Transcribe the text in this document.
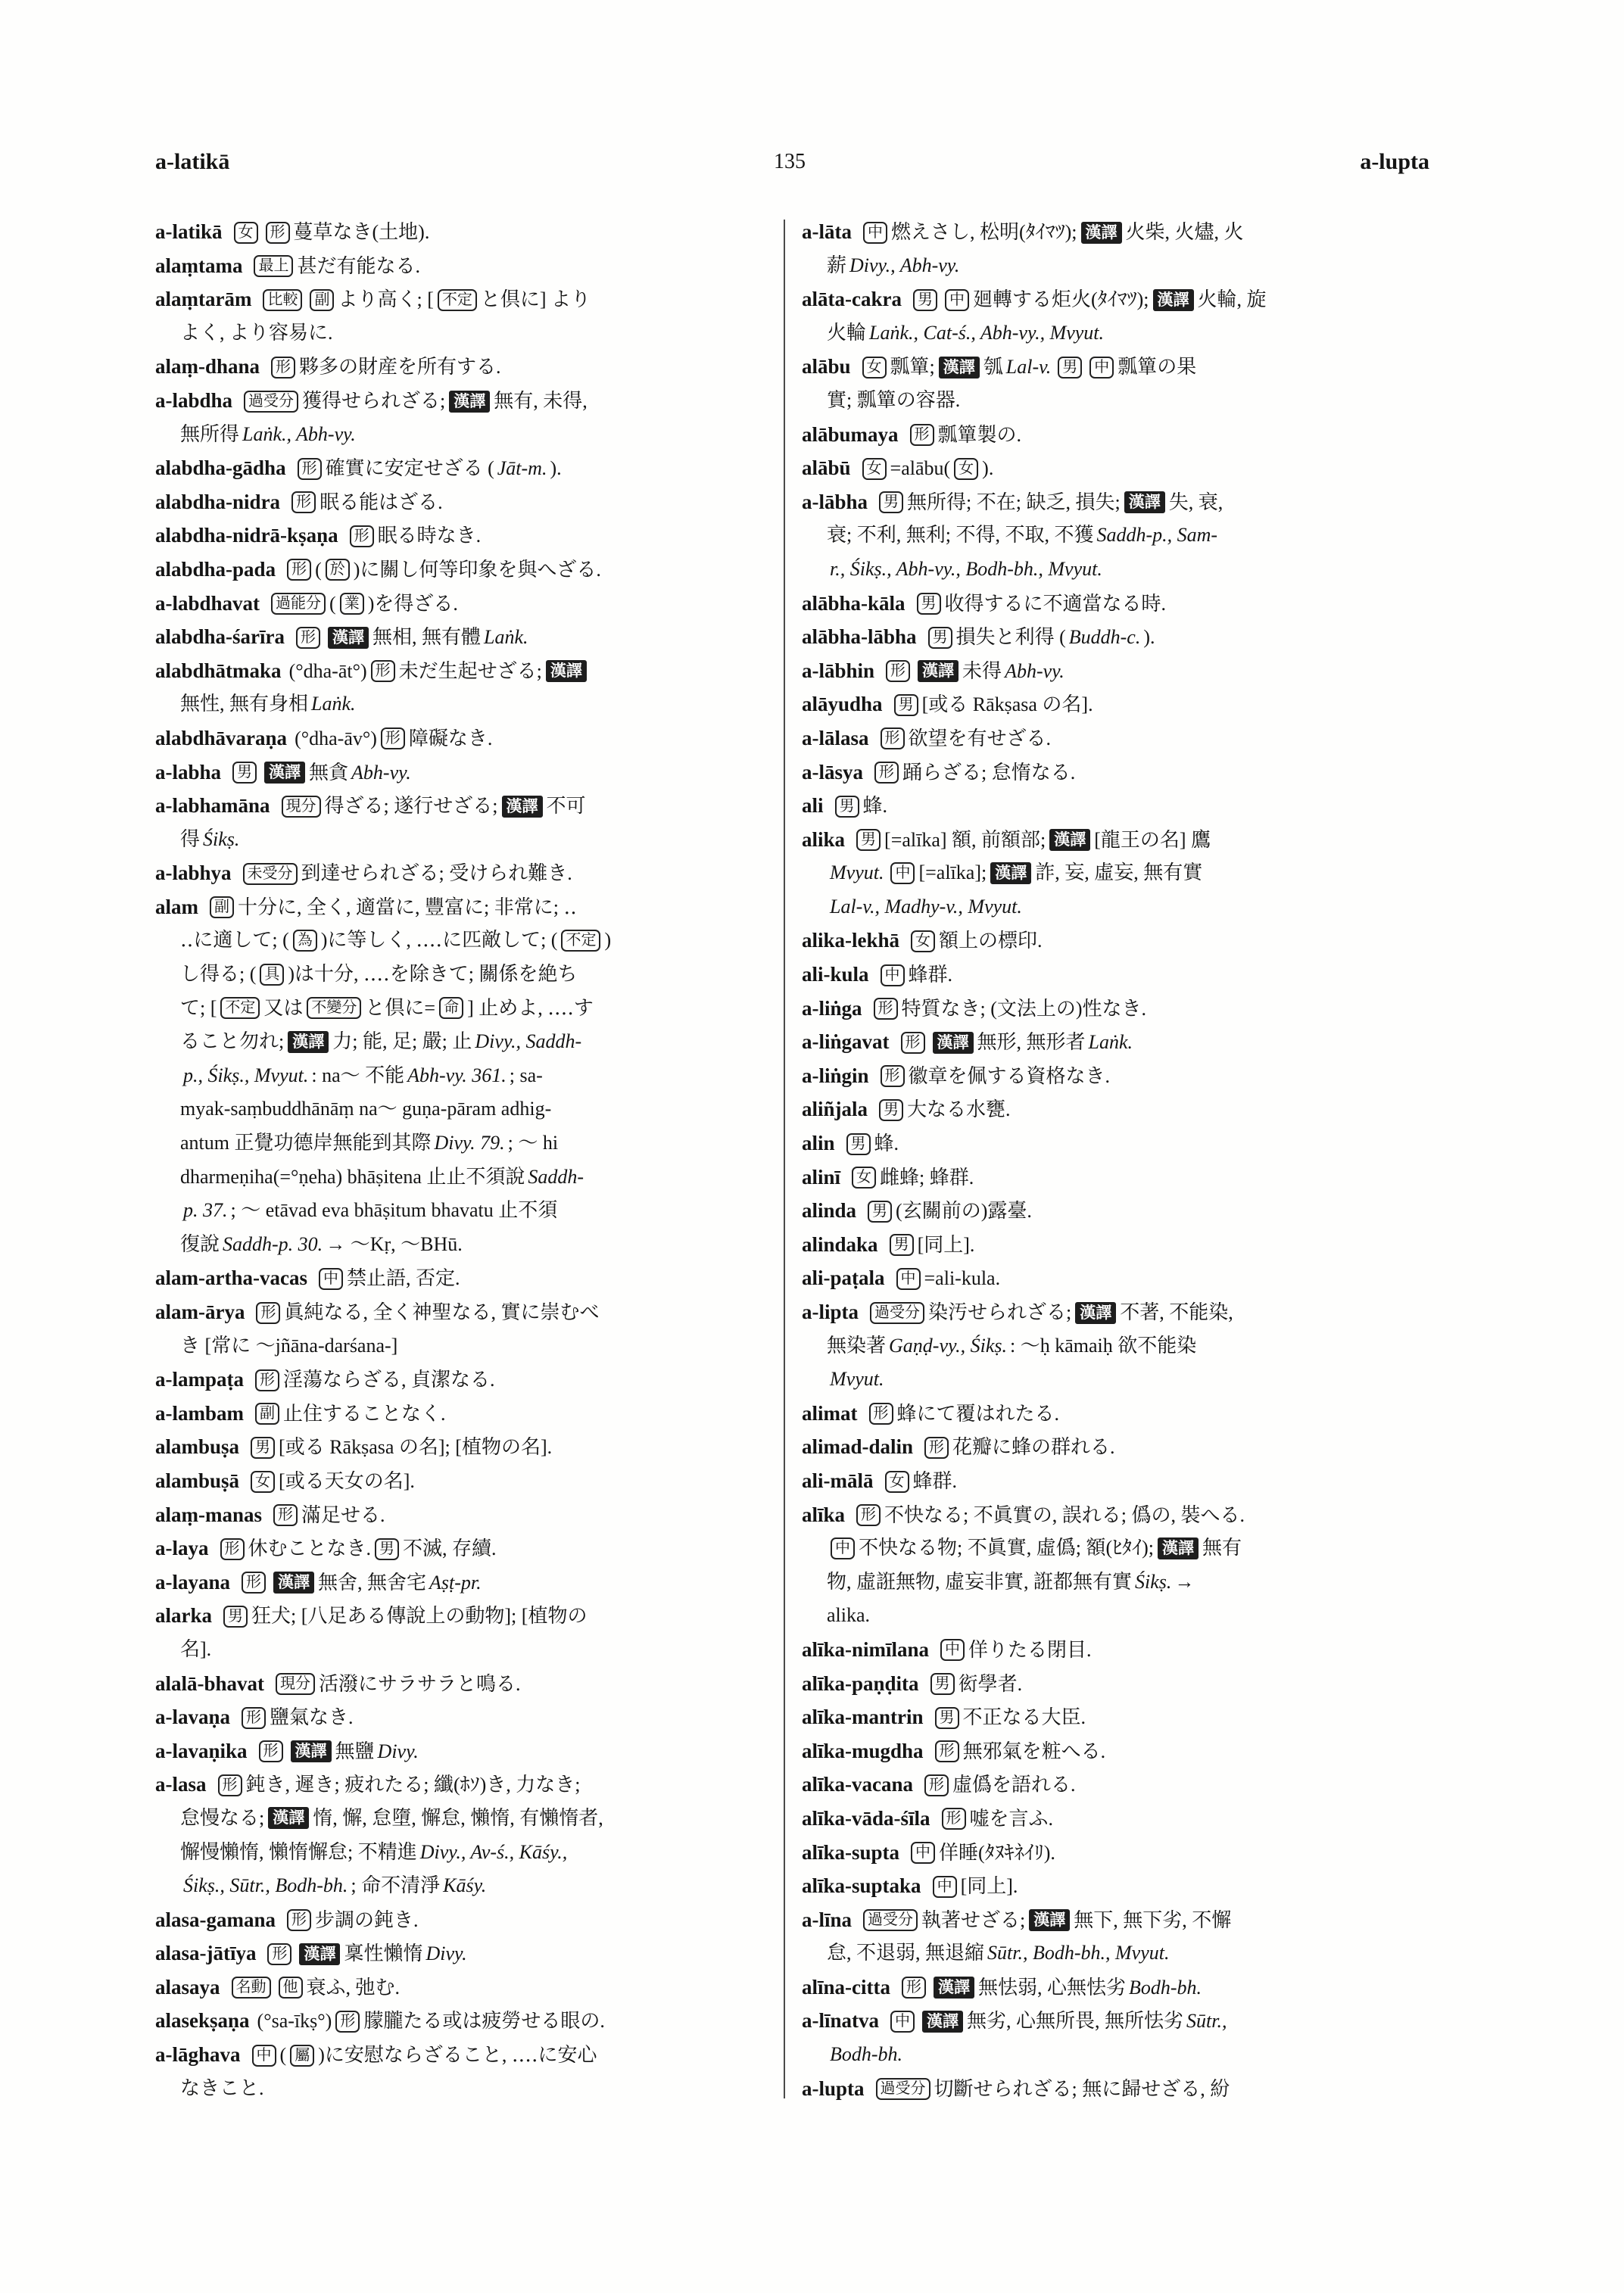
a-latikā	135	a-lupta
a-latikā 女 形 蔓草なき(土地).
alaṃtama 最上 甚だ有能なる.
alaṃtarām 比較 副 より高く; [ 不定 と倶に] より
よく, より容易に.
alaṃ-dhana 形 夥多の財産を所有する.
a-labdha 過受分 獲得せられざる; 漢譯 無有, 未得,
無所得 Laṅk., Abh-vy.
alabdha-gādha 形 確實に安定せざる ( Jāt-m. ).
alabdha-nidra 形 眠る能はざる.
alabdha-nidrā-kṣaṇa 形 眠る時なき.
alabdha-pada 形 ( 於 )に關し何等印象を與へざる.
a-labdhavat 過能分 ( 業 )を得ざる.
alabdha-śarīra 形 漢譯 無相, 無有體 Laṅk.
alabdhātmaka (°dha-āt°) 形 未だ生起せざる; 漢譯
無性, 無有身相 Laṅk.
alabdhāvaraṇa (°dha-āv°) 形 障礙なき.
a-labha 男 漢譯 無貪 Abh-vy.
a-labhamāna 現分 得ざる; 遂行せざる; 漢譯 不可
得 Śikṣ.
a-labhya 未受分 到達せられざる; 受けられ難き.
alam 副 十分に, 全く, 適當に, 豐富に; 非常に; ‥
‥に適して; ( 為 )に等しく, ‥‥に匹敵して; ( 不定 )
し得る; ( 具 )は十分, ‥‥を除きて; 關係を絶ち
て; [ 不定 又は 不變分 と倶に= 命 ] 止めよ, ‥‥す
ること勿れ; 漢譯 力; 能, 足; 嚴; 止 Divy., Saddh-
p., Śikṣ., Mvyut. : na～ 不能 Abh-vy. 361. ; sa-
myak-saṃbuddhānāṃ na～ guṇa-pāram adhig-
antum 正覺功德岸無能到其際 Divy. 79. ; ～ hi
dharmeṇiha(=°ṇeha) bhāṣitena 止止不須說 Saddh-
p. 37. ; ～ etāvad eva bhāṣitum bhavatu 止不須
復說 Saddh-p. 30. → ～Kṛ, ～BHū.
alam-artha-vacas 中 禁止語, 否定.
alam-ārya 形 眞純なる, 全く神聖なる, 實に崇むべ
き [常に ～jñāna-darśana-]
a-lampaṭa 形 淫蕩ならざる, 貞潔なる.
a-lambam 副 止住することなく.
alambuṣa 男 [或る Rākṣasa の名]; [植物の名].
alambuṣā 女 [或る天女の名].
alaṃ-manas 形 滿足せる.
a-laya 形 休むことなき. 男 不滅, 存續.
a-layana 形 漢譯 無舍, 無舍宅 Aṣṭ-pr.
alarka 男 狂犬; [八足ある傳說上の動物]; [植物の
名].
alalā-bhavat 現分 活潑にサラサラと鳴る.
a-lavaṇa 形 鹽氣なき.
a-lavaṇika 形 漢譯 無鹽 Divy.
a-lasa 形 鈍き, 遲き; 疲れたる; 纖(ﾎｿ)き, 力なき;
怠慢なる; 漢譯 惰, 懈, 怠墮, 懈怠, 懶惰, 有懶惰者,
懈慢懶惰, 懶惰懈怠; 不精進 Divy., Av-ś., Kāśy.,
Śikṣ., Sūtr., Bodh-bh. ; 命不清淨 Kāśy.
alasa-gamana 形 步調の鈍き.
alasa-jātīya 形 漢譯 稟性懶惰 Divy.
alasaya 名動 他 衰ふ, 弛む.
alasekṣaṇa (°sa-īkṣ°) 形 朦朧たる或は疲勞せる眼の.
a-lāghava 中 ( 屬 )に安慰ならざること, ‥‥に安心
なきこと.
a-lāta 中 燃えさし, 松明(ﾀｲﾏﾂ); 漢譯 火柴, 火燼, 火
薪 Divy., Abh-vy.
alāta-cakra 男 中 廻轉する炬火(ﾀｲﾏﾂ); 漢譯 火輪, 旋
火輪 Laṅk., Cat-ś., Abh-vy., Mvyut.
alābu 女 瓢簞; 漢譯 瓠 Lal-v. 男 中 瓢簞の果
實; 瓢簞の容器.
alābumaya 形 瓢簞製の.
alābū 女 =alābu( 女 ).
a-lābha 男 無所得; 不在; 缺乏, 損失; 漢譯 失, 衰,
衰; 不利, 無利; 不得, 不取, 不獲 Saddh-p., Sam-
r., Śikṣ., Abh-vy., Bodh-bh., Mvyut.
alābha-kāla 男 收得するに不適當なる時.
alābha-lābha 男 損失と利得 ( Buddh-c. ).
a-lābhin 形 漢譯 未得 Abh-vy.
alāyudha 男 [或る Rākṣasa の名].
a-lālasa 形 欲望を有せざる.
a-lāsya 形 踊らざる; 怠惰なる.
ali 男 蜂.
alika 男 [=alīka] 額, 前額部; 漢譯 [龍王の名] 鷹
Mvyut. 中 [=alīka]; 漢譯 詐, 妄, 虛妄, 無有實
Lal-v., Madhy-v., Mvyut.
alika-lekhā 女 額上の標印.
ali-kula 中 蜂群.
a-liṅga 形 特質なき; (文法上の)性なき.
a-liṅgavat 形 漢譯 無形, 無形者 Laṅk.
a-liṅgin 形 徽章を佩する資格なき.
aliñjala 男 大なる水甕.
alin 男 蜂.
alinī 女 雌蜂; 蜂群.
alinda 男 (玄關前の)露臺.
alindaka 男 [同上].
ali-paṭala 中 =ali-kula.
a-lipta 過受分 染汚せられざる; 漢譯 不著, 不能染,
無染著 Gaṇḍ-vy., Śikṣ. : ～ḥ kāmaiḥ 欲不能染
Mvyut.
alimat 形 蜂にて覆はれたる.
alimad-dalin 形 花瓣に蜂の群れる.
ali-mālā 女 蜂群.
alīka 形 不快なる; 不眞實の, 誤れる; 僞の, 裝へる.
中 不快なる物; 不眞實, 虛僞; 額(ﾋﾀｲ); 漢譯 無有
物, 虛誑無物, 虛妄非實, 誑都無有實 Śikṣ. →
alika.
alīka-nimīlana 中 佯りたる閉目.
alīka-paṇḍita 男 衒學者.
alīka-mantrin 男 不正なる大臣.
alīka-mugdha 形 無邪氣を粧へる.
alīka-vacana 形 虛僞を語れる.
alīka-vāda-śīla 形 嘘を言ふ.
alīka-supta 中 佯睡(ﾀﾇｷﾈｲﾘ).
alīka-suptaka 中 [同上].
a-līna 過受分 執著せざる; 漢譯 無下, 無下劣, 不懈
怠, 不退弱, 無退縮 Sūtr., Bodh-bh., Mvyut.
alīna-citta 形 漢譯 無怯弱, 心無怯劣 Bodh-bh.
a-līnatva 中 漢譯 無劣, 心無所畏, 無所怯劣 Sūtr.,
Bodh-bh.
a-lupta 過受分 切斷せられざる; 無に歸せざる, 紛
